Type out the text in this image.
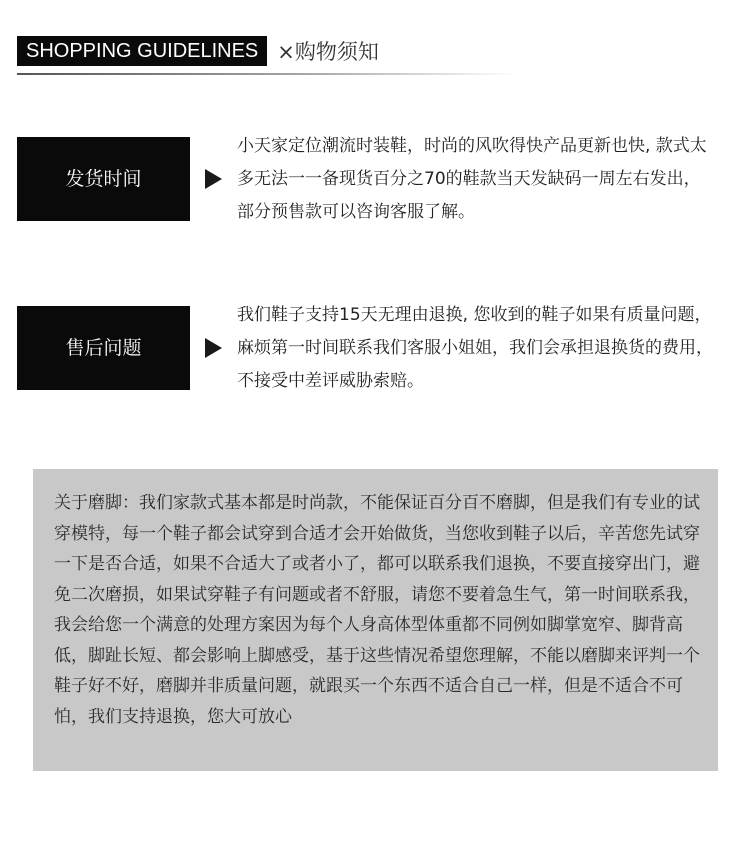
SHOPPING GUIDELINES ×购物须知
发货时间
小天家定位潮流时装鞋，时尚的风吹得快产品更新也快, 款式太多无法一一备现货百分之70的鞋款当天发缺码一周左右发出，部分预售款可以咨询客服了解。
售后问题
我们鞋子支持15天无理由退换, 您收到的鞋子如果有质量问题，麻烦第一时间联系我们客服小姐姐，我们会承担退换货的费用，不接受中差评威胁索赔。
关于磨脚：我们家款式基本都是时尚款，不能保证百分百不磨脚，但是我们有专业的试穿模特，每一个鞋子都会试穿到合适才会开始做货，当您收到鞋子以后，辛苦您先试穿一下是否合适，如果不合适大了或者小了，都可以联系我们退换，不要直接穿出门，避免二次磨损，如果试穿鞋子有问题或者不舒服，请您不要着急生气，第一时间联系我，我会给您一个满意的处理方案因为每个人身高体型体重都不同例如脚掌宽窄、脚背高低，脚趾长短、都会影响上脚感受，基于这些情况希望您理解，不能以磨脚来评判一个鞋子好不好，磨脚并非质量问题，就跟买一个东西不适合自己一样，但是不适合不可怕，我们支持退换，您大可放心
